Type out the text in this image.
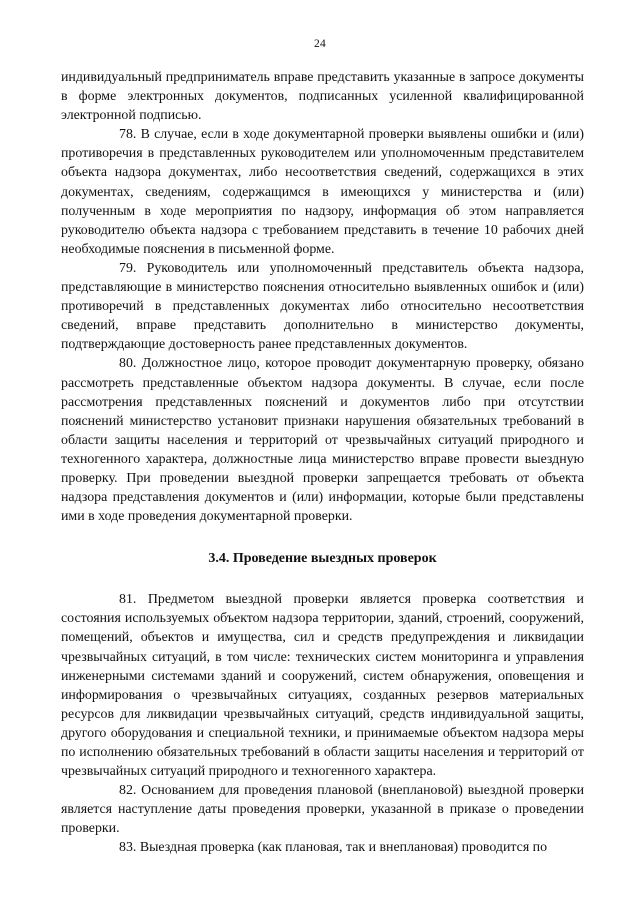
24

индивидуальный предприниматель вправе представить указанные в запросе документы в форме электронных документов, подписанных усиленной квалифицированной электронной подписью.

78. В случае, если в ходе документарной проверки выявлены ошибки и (или) противоречия в представленных руководителем или уполномоченным представителем объекта надзора документах, либо несоответствия сведений, содержащихся в этих документах, сведениям, содержащимся в имеющихся у министерства и (или) полученным в ходе мероприятия по надзору, информация об этом направляется руководителю объекта надзора с требованием представить в течение 10 рабочих дней необходимые пояснения в письменной форме.

79. Руководитель или уполномоченный представитель объекта надзора, представляющие в министерство пояснения относительно выявленных ошибок и (или) противоречий в представленных документах либо относительно несоответствия сведений, вправе представить дополнительно в министерство документы, подтверждающие достоверность ранее представленных документов.

80. Должностное лицо, которое проводит документарную проверку, обязано рассмотреть представленные объектом надзора документы. В случае, если после рассмотрения представленных пояснений и документов либо при отсутствии пояснений министерство установит признаки нарушения обязательных требований в области защиты населения и территорий от чрезвычайных ситуаций природного и техногенного характера, должностные лица министерство вправе провести выездную проверку. При проведении выездной проверки запрещается требовать от объекта надзора представления документов и (или) информации, которые были представлены ими в ходе проведения документарной проверки.

3.4. Проведение выездных проверок

81. Предметом выездной проверки является проверка соответствия и состояния используемых объектом надзора территории, зданий, строений, сооружений, помещений, объектов и имущества, сил и средств предупреждения и ликвидации чрезвычайных ситуаций, в том числе: технических систем мониторинга и управления инженерными системами зданий и сооружений, систем обнаружения, оповещения и информирования о чрезвычайных ситуациях, созданных резервов материальных ресурсов для ликвидации чрезвычайных ситуаций, средств индивидуальной защиты, другого оборудования и специальной техники, и принимаемые объектом надзора меры по исполнению обязательных требований в области защиты населения и территорий от чрезвычайных ситуаций природного и техногенного характера.

82. Основанием для проведения плановой (внеплановой) выездной проверки является наступление даты проведения проверки, указанной в приказе о проведении проверки.

83. Выездная проверка (как плановая, так и внеплановая) проводится по
